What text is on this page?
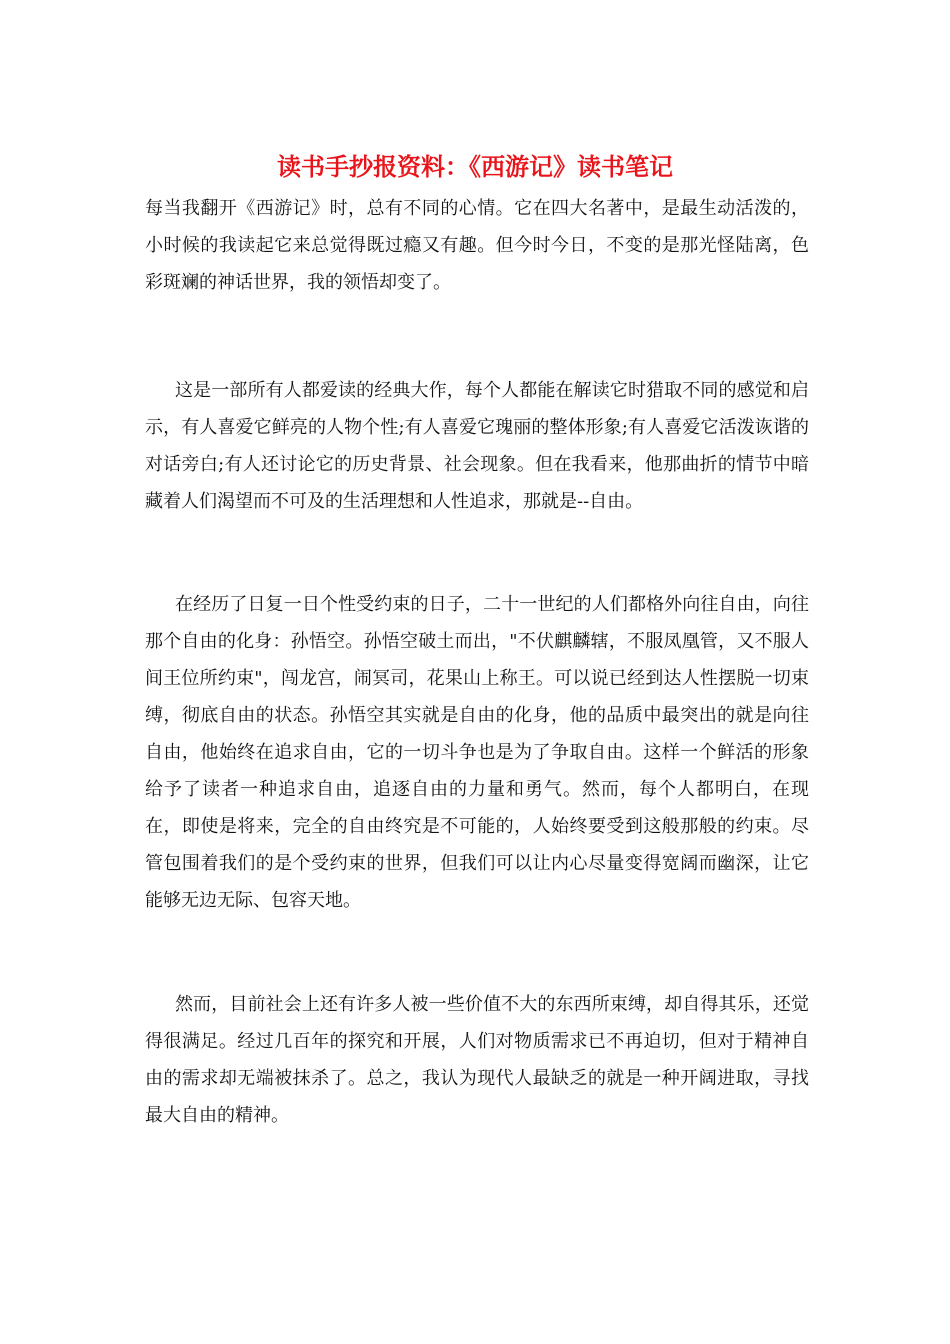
读书手抄报资料：《西游记》读书笔记

每当我翻开《西游记》时，总有不同的心情。它在四大名著中，是最生动活泼的，小时候的我读起它来总觉得既过瘾又有趣。但今时今日，不变的是那光怪陆离，色彩斑斓的神话世界，我的领悟却变了。

这是一部所有人都爱读的经典大作，每个人都能在解读它时猎取不同的感觉和启示，有人喜爱它鲜亮的人物个性;有人喜爱它瑰丽的整体形象;有人喜爱它活泼诙谐的对话旁白;有人还讨论它的历史背景、社会现象。但在我看来，他那曲折的情节中暗藏着人们渴望而不可及的生活理想和人性追求，那就是--自由。

在经历了日复一日个性受约束的日子，二十一世纪的人们都格外向往自由，向往那个自由的化身：孙悟空。孙悟空破土而出，"不伏麒麟辖，不服凤凰管，又不服人间王位所约束"，闯龙宫，闹冥司，花果山上称王。可以说已经到达人性摆脱一切束缚，彻底自由的状态。孙悟空其实就是自由的化身，他的品质中最突出的就是向往自由，他始终在追求自由，它的一切斗争也是为了争取自由。这样一个鲜活的形象给予了读者一种追求自由，追逐自由的力量和勇气。然而，每个人都明白，在现在，即使是将来，完全的自由终究是不可能的，人始终要受到这般那般的约束。尽管包围着我们的是个受约束的世界，但我们可以让内心尽量变得宽阔而幽深，让它能够无边无际、包容天地。

然而，目前社会上还有许多人被一些价值不大的东西所束缚，却自得其乐，还觉得很满足。经过几百年的探究和开展，人们对物质需求已不再迫切，但对于精神自由的需求却无端被抹杀了。总之，我认为现代人最缺乏的就是一种开阔进取，寻找最大自由的精神。
